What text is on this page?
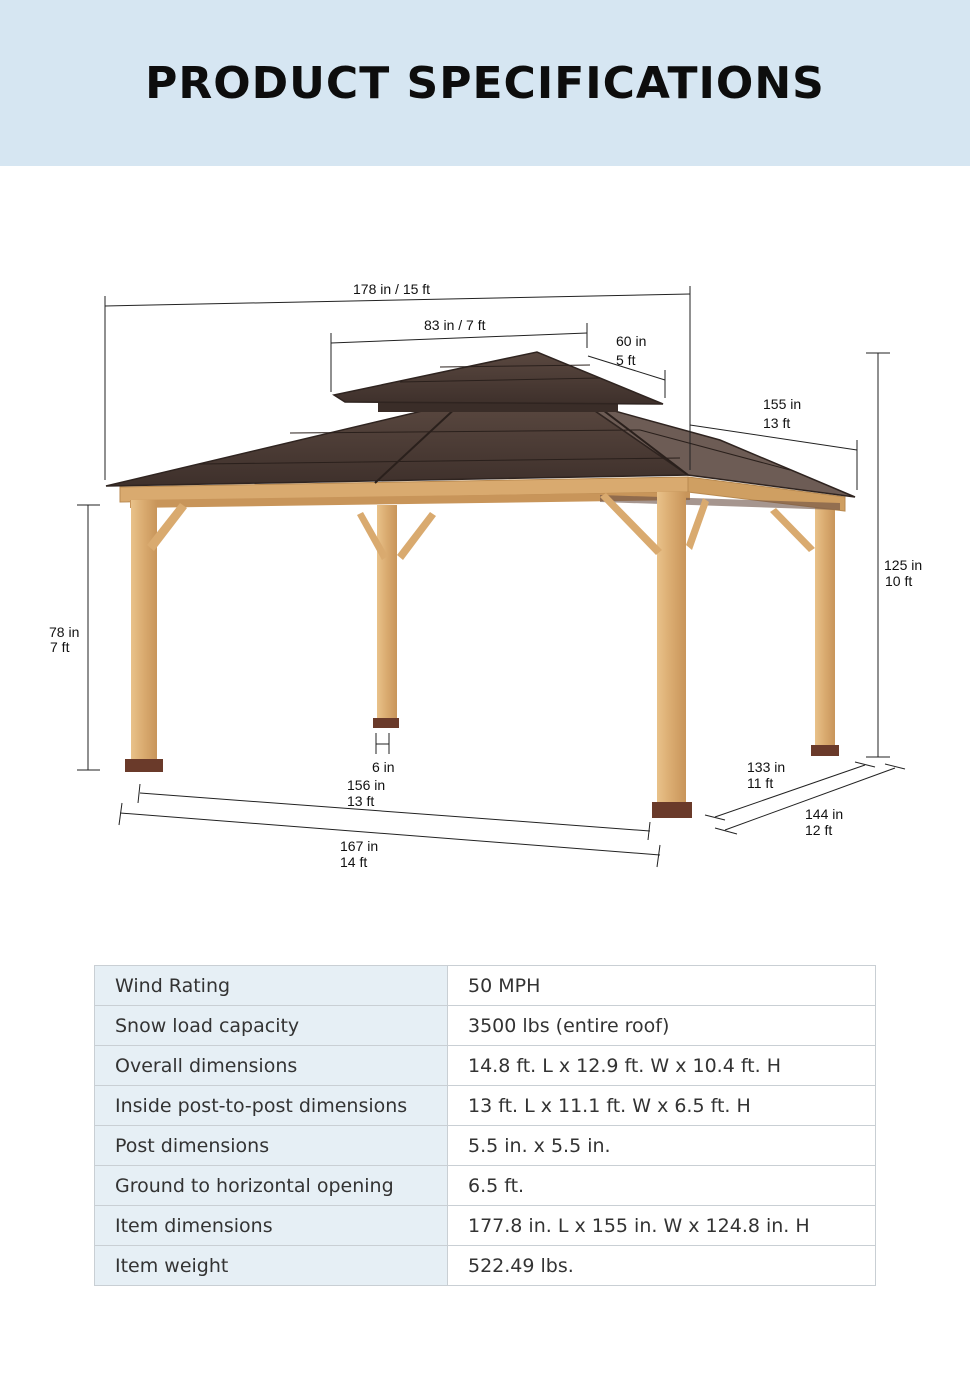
PRODUCT SPECIFICATIONS
178 in / 15 ft
83 in / 7 ft
60 in
5 ft
155 in
13 ft
125 in
10 ft
78 in
7 ft
6 in
156 in
13 ft
167 in
14 ft
133 in
11 ft
144 in
12 ft
Wind Rating	50 MPH
Snow load capacity	3500 lbs (entire roof)
Overall dimensions	14.8 ft. L x 12.9 ft. W x 10.4 ft. H
Inside post-to-post dimensions	13 ft. L x 11.1 ft. W x 6.5 ft. H
Post dimensions	5.5 in. x 5.5 in.
Ground to horizontal opening	6.5 ft.
Item dimensions	177.8 in. L x 155 in. W x 124.8 in. H
Item weight	522.49 lbs.
